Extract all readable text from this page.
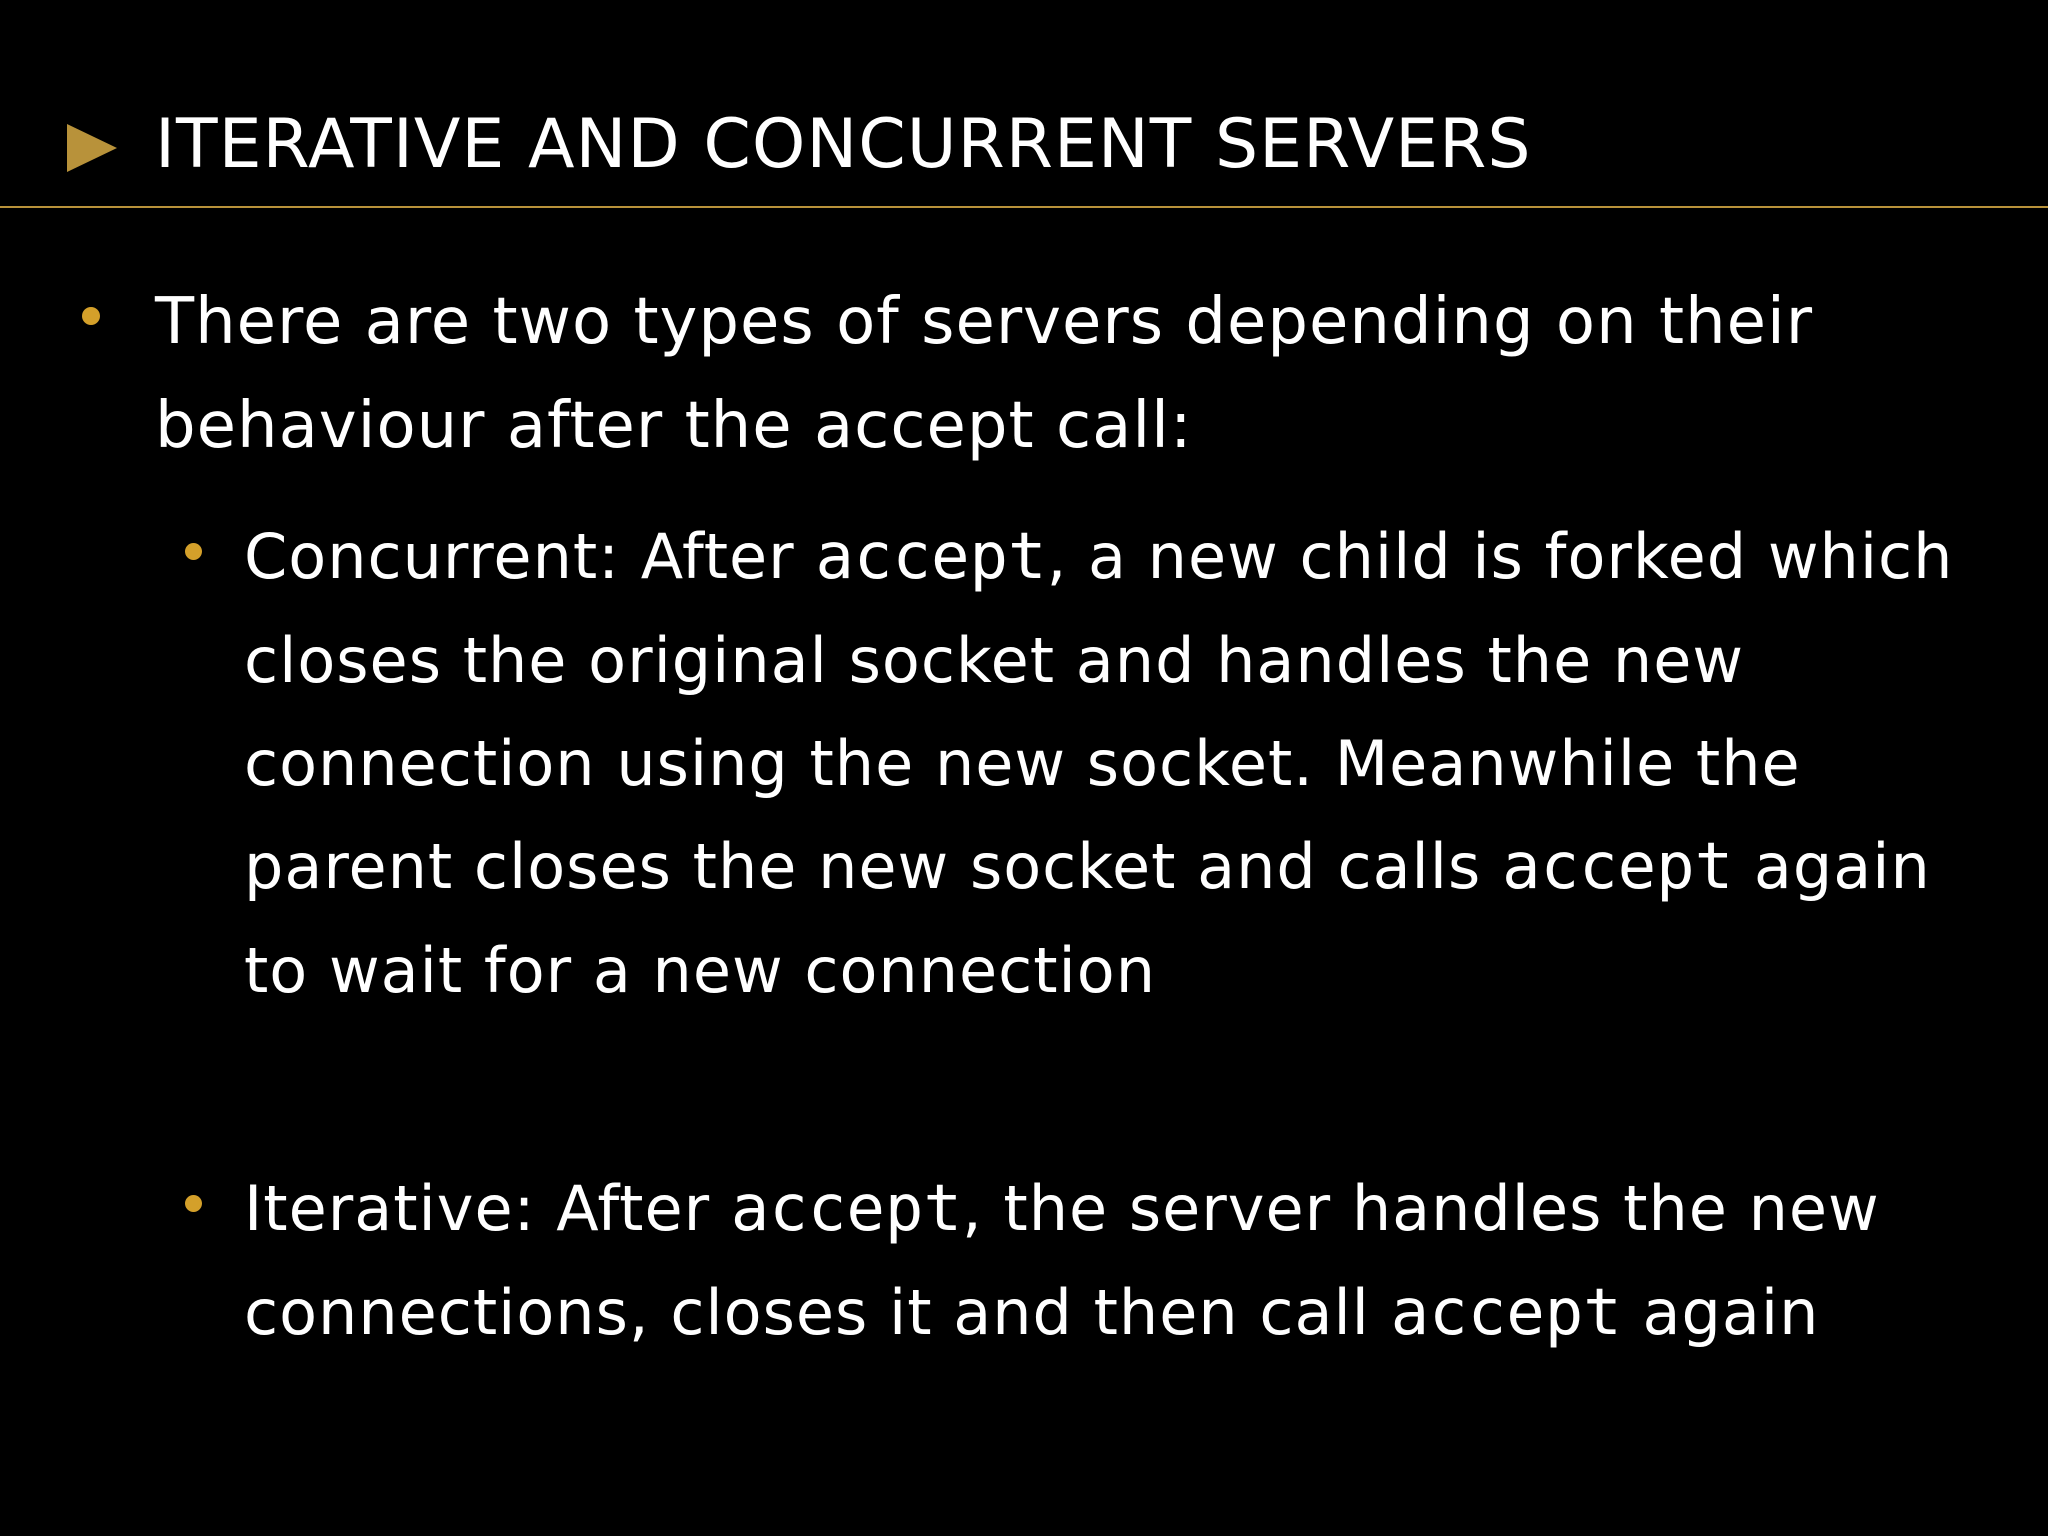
ITERATIVE AND CONCURRENT SERVERS
There are two types of servers depending on their behaviour after the accept call:
Concurrent: After accept, a new child is forked which closes the original socket and handles the new connection using the new socket. Meanwhile the parent closes the new socket and calls accept again to wait for a new connection
Iterative: After accept, the server handles the new connections, closes it and then call accept again
